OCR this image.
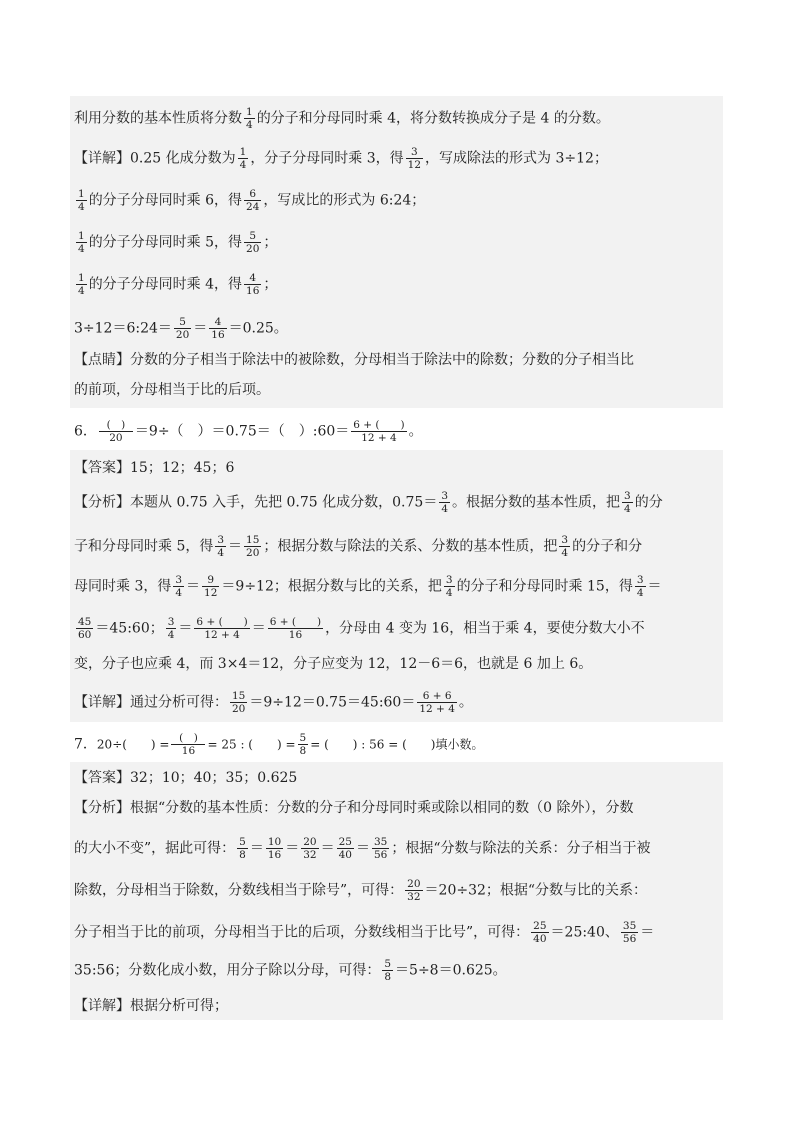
利用分数的基本性质将分数 $\frac{1}{4}$ 的分子和分母同时乘 4，将分数转换成分子是 4 的分数。
【详解】0.25 化成分数为 $\frac{1}{4}$ ，分子分母同时乘 3，得 $\frac{3}{12}$ ，写成除法的形式为 3÷12；
$\frac{1}{4}$ 的分子分母同时乘 6，得 $\frac{6}{24}$ ，写成比的形式为 6:24；
$\frac{1}{4}$ 的分子分母同时乘 5，得 $\frac{5}{20}$ ；
$\frac{1}{4}$ 的分子分母同时乘 4，得 $\frac{4}{16}$ ；
3÷12＝6:24＝ $\frac{5}{20} = \frac{4}{16} =0.25$。
【点睛】分数的分子相当于除法中的被除数，分母相当于除法中的除数；分数的分子相当比
的前项，分母相当于比的后项。
6． $\frac{( )}{20} =9\div$（　）＝0.75＝（　）:60＝ $\frac{6 + ( )}{12 + 4}$ 。
【答案】15；12；45；6
【分析】本题从 0.75 入手，先把 0.75 化成分数，$0.75= \frac{3}{4}$ 。根据分数的基本性质，把 $\frac{3}{4}$ 的分
子和分母同时乘 5，得 $\frac{3}{4} = \frac{15}{20}$ ；根据分数与除法的关系、分数的基本性质，把 $\frac{3}{4}$ 的分子和分
母同时乘 3，得 $\frac{3}{4} = \frac{9}{12} =9\div 12$；根据分数与比的关系，把 $\frac{3}{4}$ 的分子和分母同时乘 15，得 $\frac{3}{4}$ ＝
$\frac{45}{60}$ ＝45:60； $\frac{3}{4} = \frac{6 + ( )}{12 + 4} = \frac{6 + ( )}{16}$ ，分母由 4 变为 16，相当于乘 4，要使分数大小不
变，分子也应乘 4，而 3×4＝12，分子应变为 12，12－6＝6，也就是 6 加上 6。
【详解】通过分析可得： $\frac{15}{20}$ ＝9÷12＝0.75＝45:60＝ $\frac{6 + 6}{12 + 4}$ 。
7．20÷(　　) = $\frac{( )}{16} = 25$ : (　　) = $\frac{5}{8}$ = (　　) : 56 = (　　)填小数。
【答案】32；10；40；35；0.625
【分析】根据“分数的基本性质：分数的分子和分母同时乘或除以相同的数（0 除外），分数
的大小不变”，据此可得： $\frac{5}{8} = \frac{10}{16} = \frac{20}{32} = \frac{25}{40} = \frac{35}{56}$ ；根据“分数与除法的关系：分子相当于被
除数，分母相当于除数，分数线相当于除号”，可得： $\frac{20}{32} =20\div 32$；根据“分数与比的关系：
分子相当于比的前项，分母相当于比的后项，分数线相当于比号”，可得： $\frac{25}{40}$ ＝25:40、 $\frac{35}{56}$ ＝
35:56；分数化成小数，用分子除以分母，可得： $\frac{5}{8} =5\div 8=0.625$。
【详解】根据分析可得；
